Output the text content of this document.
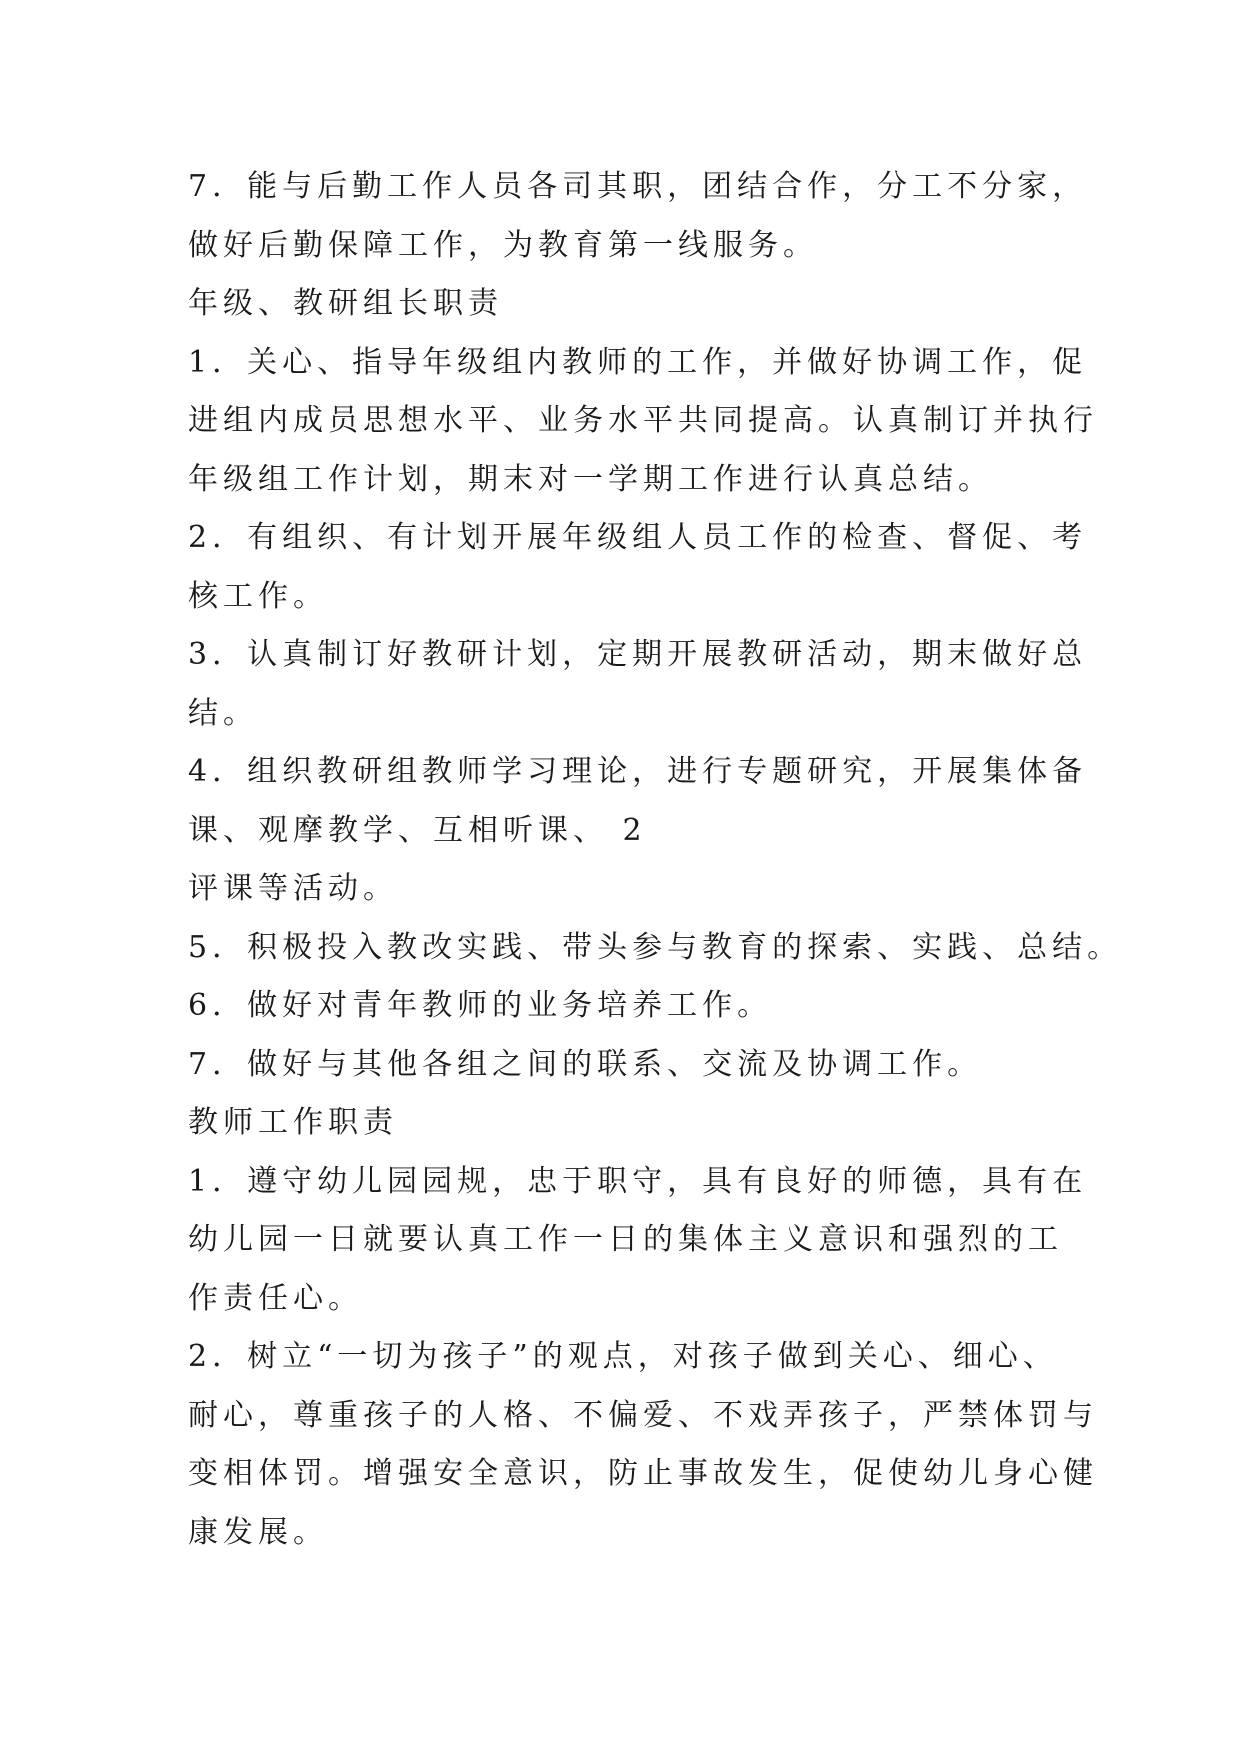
7．能与后勤工作人员各司其职，团结合作，分工不分家，
做好后勤保障工作，为教育第一线服务。
年级、教研组长职责
1．关心、指导年级组内教师的工作，并做好协调工作，促
进组内成员思想水平、业务水平共同提高。认真制订并执行
年级组工作计划，期末对一学期工作进行认真总结。
2．有组织、有计划开展年级组人员工作的检查、督促、考
核工作。
3．认真制订好教研计划，定期开展教研活动，期末做好总
结。
4．组织教研组教师学习理论，进行专题研究，开展集体备
课、观摩教学、互相听课、 2
评课等活动。
5．积极投入教改实践、带头参与教育的探索、实践、总结。
6．做好对青年教师的业务培养工作。
7．做好与其他各组之间的联系、交流及协调工作。
教师工作职责
1．遵守幼儿园园规，忠于职守，具有良好的师德，具有在
幼儿园一日就要认真工作一日的集体主义意识和强烈的工
作责任心。
2．树立“一切为孩子”的观点，对孩子做到关心、细心、
耐心，尊重孩子的人格、不偏爱、不戏弄孩子，严禁体罚与
变相体罚。增强安全意识，防止事故发生，促使幼儿身心健
康发展。
